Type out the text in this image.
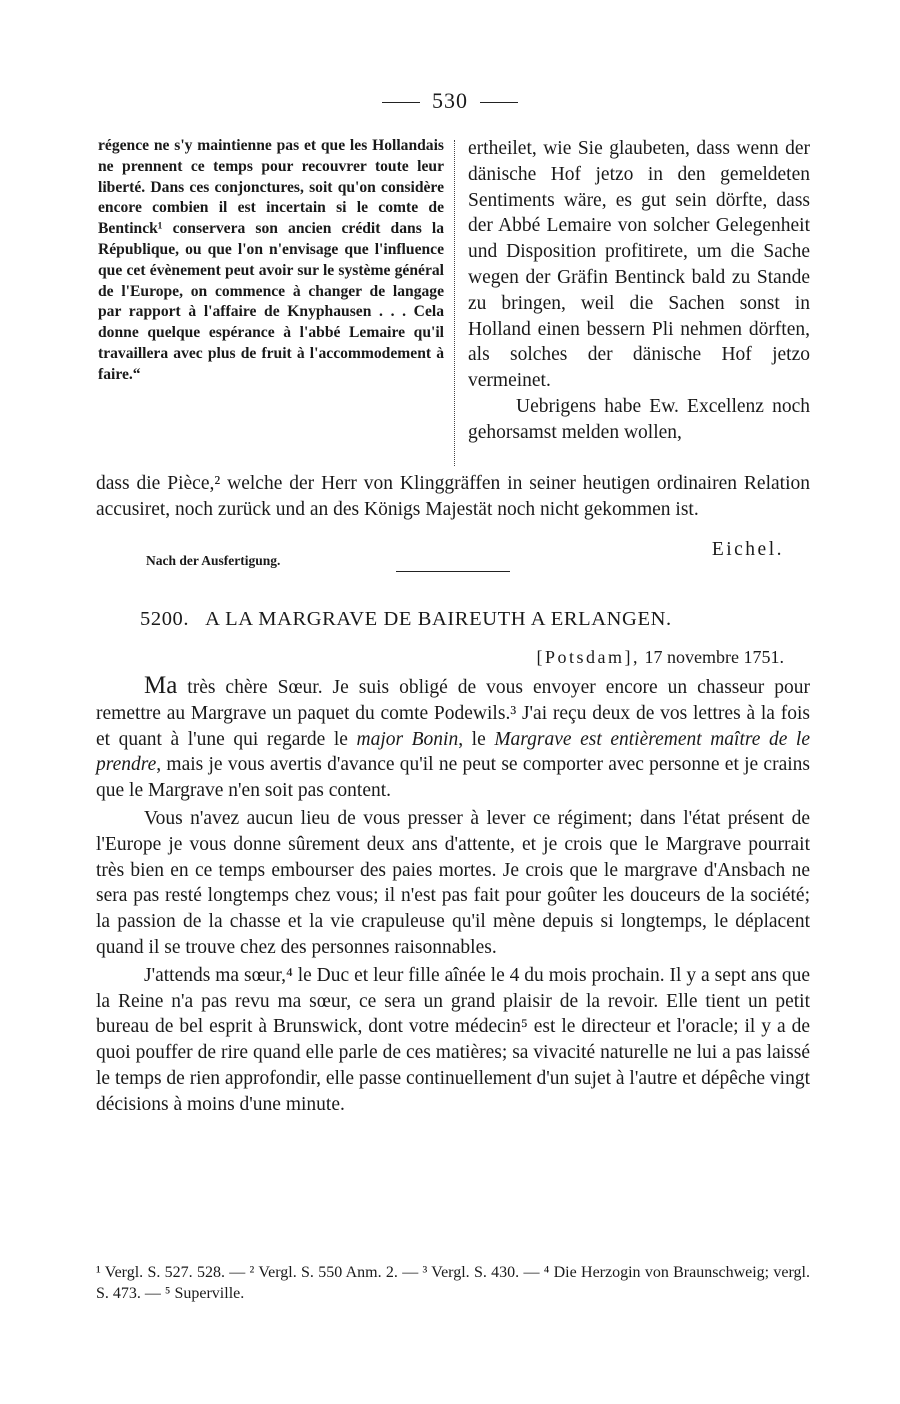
530
régence ne s'y maintienne pas et que les Hollandais ne prennent ce temps pour recouvrer toute leur liberté. Dans ces conjonctures, soit qu'on considère encore combien il est incertain si le comte de Bentinck¹ conservera son ancien crédit dans la République, ou que l'on n'envisage que l'influence que cet évènement peut avoir sur le système général de l'Europe, on commence à changer de langage par rapport à l'affaire de Knyphausen . . . Cela donne quelque espérance à l'abbé Lemaire qu'il travaillera avec plus de fruit à l'accommodement à faire.“

ertheilet, wie Sie glaubeten, dass wenn der dänische Hof jetzo in den gemeldeten Sentiments wäre, es gut sein dörfte, dass der Abbé Lemaire von solcher Gelegenheit und Disposition profitirete, um die Sache wegen der Gräfin Bentinck bald zu Stande zu bringen, weil die Sachen sonst in Holland einen bessern Pli nehmen dörften, als solches der dänische Hof jetzo vermeinet.

Uebrigens habe Ew. Excellenz noch gehorsamst melden wollen,

dass die Pièce,² welche der Herr von Klinggräffen in seiner heutigen ordinairen Relation accusiret, noch zurück und an des Königs Majestät noch nicht gekommen ist.
Nach der Ausfertigung.
Eichel.
5200. A LA MARGRAVE DE BAIREUTH A ERLANGEN.
[Potsdam], 17 novembre 1751.

Ma très chère Sœur. Je suis obligé de vous envoyer encore un chasseur pour remettre au Margrave un paquet du comte Podewils.³ J'ai reçu deux de vos lettres à la fois et quant à l'une qui regarde le major Bonin, le Margrave est entièrement maître de le prendre, mais je vous avertis d'avance qu'il ne peut se comporter avec personne et je crains que le Margrave n'en soit pas content.

Vous n'avez aucun lieu de vous presser à lever ce régiment; dans l'état présent de l'Europe je vous donne sûrement deux ans d'attente, et je crois que le Margrave pourrait très bien en ce temps embourser des paies mortes. Je crois que le margrave d'Ansbach ne sera pas resté longtemps chez vous; il n'est pas fait pour goûter les douceurs de la société; la passion de la chasse et la vie crapuleuse qu'il mène depuis si longtemps, le déplacent quand il se trouve chez des personnes raisonnables.

J'attends ma sœur,⁴ le Duc et leur fille aînée le 4 du mois prochain. Il y a sept ans que la Reine n'a pas revu ma sœur, ce sera un grand plaisir de la revoir. Elle tient un petit bureau de bel esprit à Brunswick, dont votre médecin⁵ est le directeur et l'oracle; il y a de quoi pouffer de rire quand elle parle de ces matières; sa vivacité naturelle ne lui a pas laissé le temps de rien approfondir, elle passe continuellement d'un sujet à l'autre et dépêche vingt décisions à moins d'une minute.

¹ Vergl. S. 527. 528. — ² Vergl. S. 550 Anm. 2. — ³ Vergl. S. 430. — ⁴ Die Herzogin von Braunschweig; vergl. S. 473. — ⁵ Superville.
